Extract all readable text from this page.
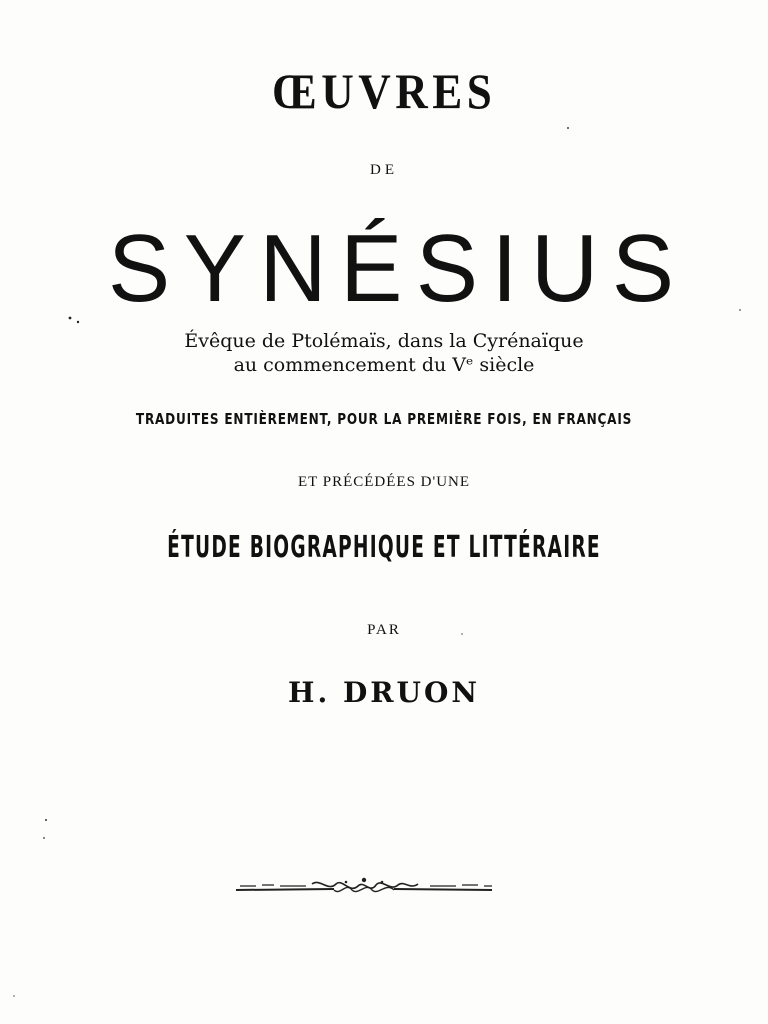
ŒUVRES
DE
SYNÉSIUS
Évêque de Ptolémaïs, dans la Cyrénaïque
au commencement du Vᵉ siècle
TRADUITES ENTIÈREMENT, POUR LA PREMIÈRE FOIS, EN FRANÇAIS
ET PRÉCÉDÉES D'UNE
ÉTUDE BIOGRAPHIQUE ET LITTÉRAIRE
PAR
H. DRUON
